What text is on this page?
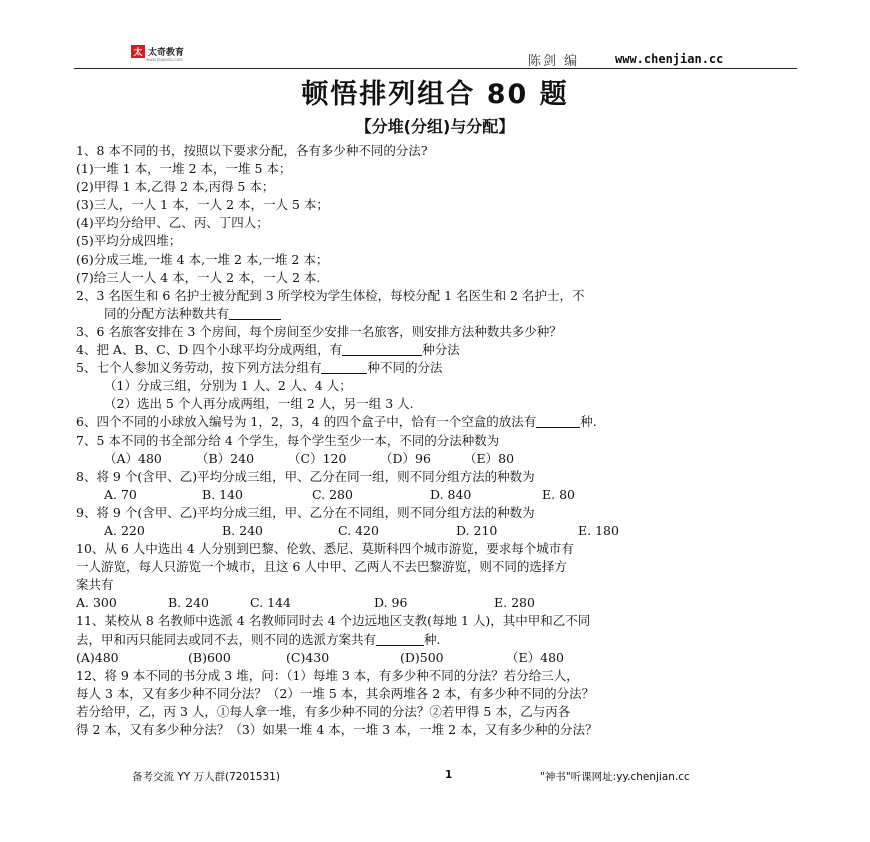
太 太奇教育
www.taiqiedu.com	陈剑 编	www.chenjian.cc
顿悟排列组合 80 题
【分堆(分组)与分配】
1、8 本不同的书，按照以下要求分配，各有多少种不同的分法?
(1)一堆 1 本，一堆 2 本，一堆 5 本；
(2)甲得 1 本,乙得 2 本,丙得 5 本；
(3)三人，一人 1 本，一人 2 本，一人 5 本；
(4)平均分给甲、乙、丙、丁四人；
(5)平均分成四堆；
(6)分成三堆,一堆 4 本,一堆 2 本,一堆 2 本；
(7)给三人一人 4 本，一人 2 本，一人 2 本.
2、3 名医生和 6 名护士被分配到 3 所学校为学生体检，每校分配 1 名医生和 2 名护士，不
同的分配方法种数共有
3、6 名旅客安排在 3 个房间，每个房间至少安排一名旅客，则安排方法种数共多少种？
4、把 A、B、C、D 四个小球平均分成两组，有	种分法
5、七个人参加义务劳动，按下列方法分组有	种不同的分法
（1）分成三组，分别为 1 人、2 人、4 人；
（2）选出 5 个人再分成两组，一组 2 人，另一组 3 人.
6、四个不同的小球放入编号为 1，2，3，4 的四个盒子中，恰有一个空盒的放法有	种.
7、5 本不同的书全部分给 4 个学生，每个学生至少一本，不同的分法种数为
（A）480	（B）240	（C）120	（D）96	（E）80
8、将 9 个(含甲、乙)平均分成三组，甲、乙分在同一组，则不同分组方法的种数为
A. 70	B. 140	C. 280	D. 840	E. 80
9、将 9 个(含甲、乙)平均分成三组，甲、乙分在不同组，则不同分组方法的种数为
A. 220	B. 240	C. 420	D. 210	E. 180
10、从 6 人中选出 4 人分别到巴黎、伦敦、悉尼、莫斯科四个城市游览，要求每个城市有
一人游览，每人只游览一个城市，且这 6 人中甲、乙两人不去巴黎游览，则不同的选择方
案共有
A. 300	B. 240	C. 144	D. 96	E. 280
11、某校从 8 名教师中选派 4 名教师同时去 4 个边远地区支教(每地 1 人)，其中甲和乙不同
去，甲和丙只能同去或同不去，则不同的选派方案共有	种.
(A)480	(B)600	(C)430	(D)500	（E）480
12、将 9 本不同的书分成 3 堆，问：（1）每堆 3 本，有多少种不同的分法？若分给三人，
每人 3 本，又有多少种不同分法？（2）一堆 5 本，其余两堆各 2 本，有多少种不同的分法？
若分给甲，乙，丙 3 人，①每人拿一堆，有多少种不同的分法？②若甲得 5 本，乙与丙各
得 2 本，又有多少种分法？（3）如果一堆 4 本，一堆 3 本，一堆 2 本，又有多少种的分法？
备考交流 YY 万人群(7201531)	1	"神书"听课网址:yy.chenjian.cc
